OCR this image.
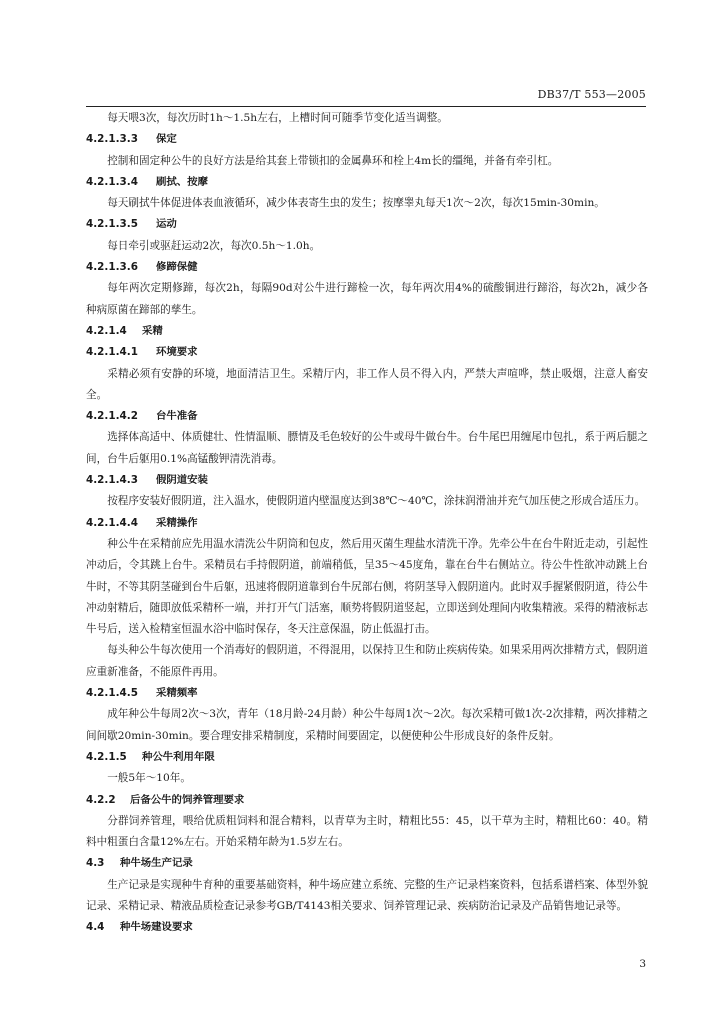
DB37/T 553—2005

每天喂3次，每次历时1h～1.5h左右，上槽时间可随季节变化适当调整。

4.2.1.3.3 保定

控制和固定种公牛的良好方法是给其套上带锁扣的金属鼻环和栓上4m长的缰绳，并备有牵引杠。

4.2.1.3.4 刷拭、按摩

每天刷拭牛体促进体表血液循环，减少体表寄生虫的发生；按摩睾丸每天1次～2次，每次15min-30min。

4.2.1.3.5 运动

每日牵引或驱赶运动2次，每次0.5h～1.0h。

4.2.1.3.6 修蹄保健

每年两次定期修蹄，每次2h，每隔90d对公牛进行蹄检一次，每年两次用4%的硫酸铜进行蹄浴，每次2h，减少各种病原菌在蹄部的孳生。

4.2.1.4 采精
4.2.1.4.1 环境要求

采精必须有安静的环境，地面清洁卫生。采精厅内，非工作人员不得入内，严禁大声喧哗，禁止吸烟，注意人畜安全。

4.2.1.4.2 台牛准备

选择体高适中、体质健壮、性情温顺、膘情及毛色较好的公牛或母牛做台牛。台牛尾巴用缠尾巾包扎，系于两后腿之间，台牛后躯用0.1%高锰酸钾清洗消毒。

4.2.1.4.3 假阴道安装

按程序安装好假阴道，注入温水，使假阴道内壁温度达到38℃～40℃，涂抹润滑油并充气加压使之形成合适压力。

4.2.1.4.4 采精操作

种公牛在采精前应先用温水清洗公牛阴筒和包皮，然后用灭菌生理盐水清洗干净。先牵公牛在台牛附近走动，引起性冲动后，令其跳上台牛。采精员右手持假阴道，前端稍低，呈35～45度角，靠在台牛右侧站立。待公牛性欲冲动跳上台牛时，不等其阴茎碰到台牛后躯，迅速将假阴道靠到台牛尻部右侧，将阴茎导入假阴道内。此时双手握紧假阴道，待公牛冲动射精后，随即放低采精杯一端，并打开气门活塞，顺势将假阴道竖起，立即送到处理间内收集精液。采得的精液标志牛号后，送入检精室恒温水浴中临时保存，冬天注意保温，防止低温打击。

每头种公牛每次使用一个消毒好的假阴道，不得混用，以保持卫生和防止疾病传染。如果采用两次排精方式，假阴道应重新准备，不能原件再用。

4.2.1.4.5 采精频率

成年种公牛每周2次～3次，青年（18月龄-24月龄）种公牛每周1次～2次。每次采精可做1次-2次排精，两次排精之间间歇20min-30min。要合理安排采精制度，采精时间要固定，以便使种公牛形成良好的条件反射。

4.2.1.5 种公牛利用年限

一般5年～10年。

4.2.2 后备公牛的饲养管理要求

分群饲养管理，喂给优质粗饲料和混合精料，以青草为主时，精粗比55：45，以干草为主时，精粗比60：40。精料中粗蛋白含量12%左右。开始采精年龄为1.5岁左右。

4.3 种牛场生产记录

生产记录是实现种牛育种的重要基础资料，种牛场应建立系统、完整的生产记录档案资料，包括系谱档案、体型外貌记录、采精记录、精液品质检查记录参考GB/T4143相关要求、饲养管理记录、疾病防治记录及产品销售地记录等。

4.4 种牛场建设要求
3
